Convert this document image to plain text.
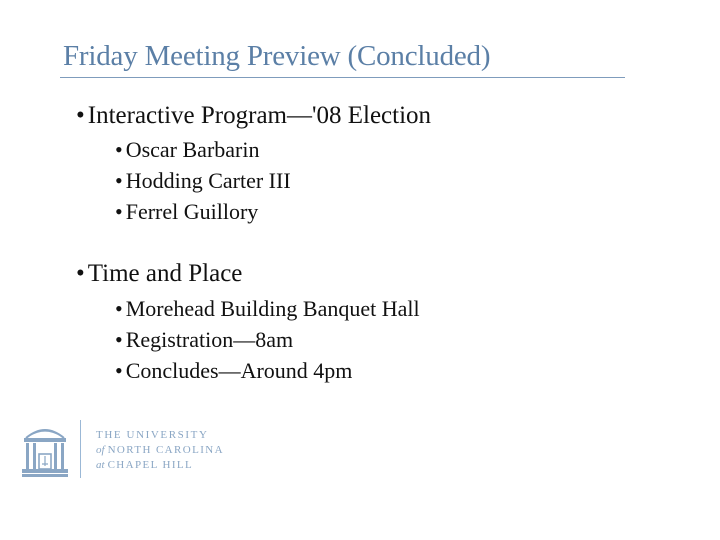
Friday Meeting Preview (Concluded)
• Interactive Program—'08 Election
• Oscar Barbarin
• Hodding Carter III
• Ferrel Guillory
• Time and Place
• Morehead Building Banquet Hall
• Registration—8am
• Concludes—Around 4pm
THE UNIVERSITY
of NORTH CAROLINA
at CHAPEL HILL
